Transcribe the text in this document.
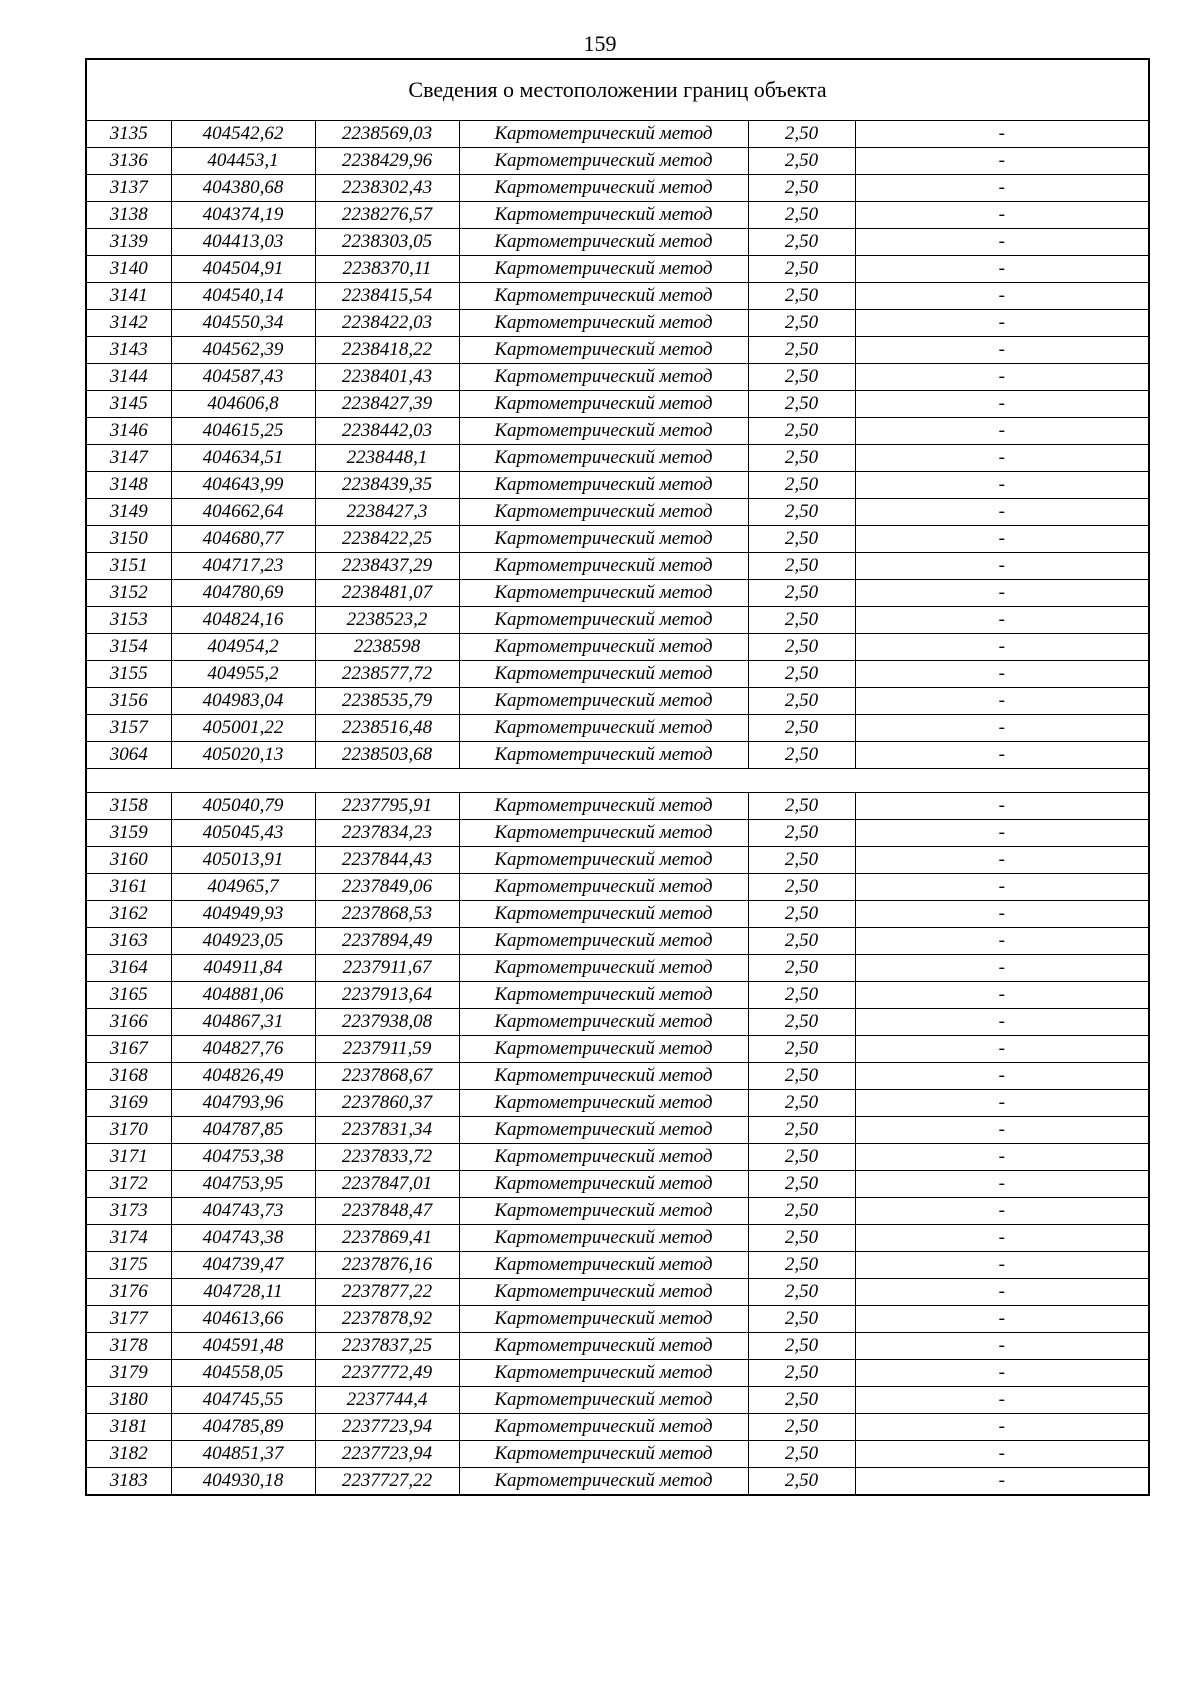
159
Сведения о местоположении границ объекта					
3135	404542,62	2238569,03	Картометрический метод	2,50	-
3136	404453,1	2238429,96	Картометрический метод	2,50	-
3137	404380,68	2238302,43	Картометрический метод	2,50	-
3138	404374,19	2238276,57	Картометрический метод	2,50	-
3139	404413,03	2238303,05	Картометрический метод	2,50	-
3140	404504,91	2238370,11	Картометрический метод	2,50	-
3141	404540,14	2238415,54	Картометрический метод	2,50	-
3142	404550,34	2238422,03	Картометрический метод	2,50	-
3143	404562,39	2238418,22	Картометрический метод	2,50	-
3144	404587,43	2238401,43	Картометрический метод	2,50	-
3145	404606,8	2238427,39	Картометрический метод	2,50	-
3146	404615,25	2238442,03	Картометрический метод	2,50	-
3147	404634,51	2238448,1	Картометрический метод	2,50	-
3148	404643,99	2238439,35	Картометрический метод	2,50	-
3149	404662,64	2238427,3	Картометрический метод	2,50	-
3150	404680,77	2238422,25	Картометрический метод	2,50	-
3151	404717,23	2238437,29	Картометрический метод	2,50	-
3152	404780,69	2238481,07	Картометрический метод	2,50	-
3153	404824,16	2238523,2	Картометрический метод	2,50	-
3154	404954,2	2238598	Картометрический метод	2,50	-
3155	404955,2	2238577,72	Картометрический метод	2,50	-
3156	404983,04	2238535,79	Картометрический метод	2,50	-
3157	405001,22	2238516,48	Картометрический метод	2,50	-
3064	405020,13	2238503,68	Картометрический метод	2,50	-

3158	405040,79	2237795,91	Картометрический метод	2,50	-
3159	405045,43	2237834,23	Картометрический метод	2,50	-
3160	405013,91	2237844,43	Картометрический метод	2,50	-
3161	404965,7	2237849,06	Картометрический метод	2,50	-
3162	404949,93	2237868,53	Картометрический метод	2,50	-
3163	404923,05	2237894,49	Картометрический метод	2,50	-
3164	404911,84	2237911,67	Картометрический метод	2,50	-
3165	404881,06	2237913,64	Картометрический метод	2,50	-
3166	404867,31	2237938,08	Картометрический метод	2,50	-
3167	404827,76	2237911,59	Картометрический метод	2,50	-
3168	404826,49	2237868,67	Картометрический метод	2,50	-
3169	404793,96	2237860,37	Картометрический метод	2,50	-
3170	404787,85	2237831,34	Картометрический метод	2,50	-
3171	404753,38	2237833,72	Картометрический метод	2,50	-
3172	404753,95	2237847,01	Картометрический метод	2,50	-
3173	404743,73	2237848,47	Картометрический метод	2,50	-
3174	404743,38	2237869,41	Картометрический метод	2,50	-
3175	404739,47	2237876,16	Картометрический метод	2,50	-
3176	404728,11	2237877,22	Картометрический метод	2,50	-
3177	404613,66	2237878,92	Картометрический метод	2,50	-
3178	404591,48	2237837,25	Картометрический метод	2,50	-
3179	404558,05	2237772,49	Картометрический метод	2,50	-
3180	404745,55	2237744,4	Картометрический метод	2,50	-
3181	404785,89	2237723,94	Картометрический метод	2,50	-
3182	404851,37	2237723,94	Картометрический метод	2,50	-
3183	404930,18	2237727,22	Картометрический метод	2,50	-
